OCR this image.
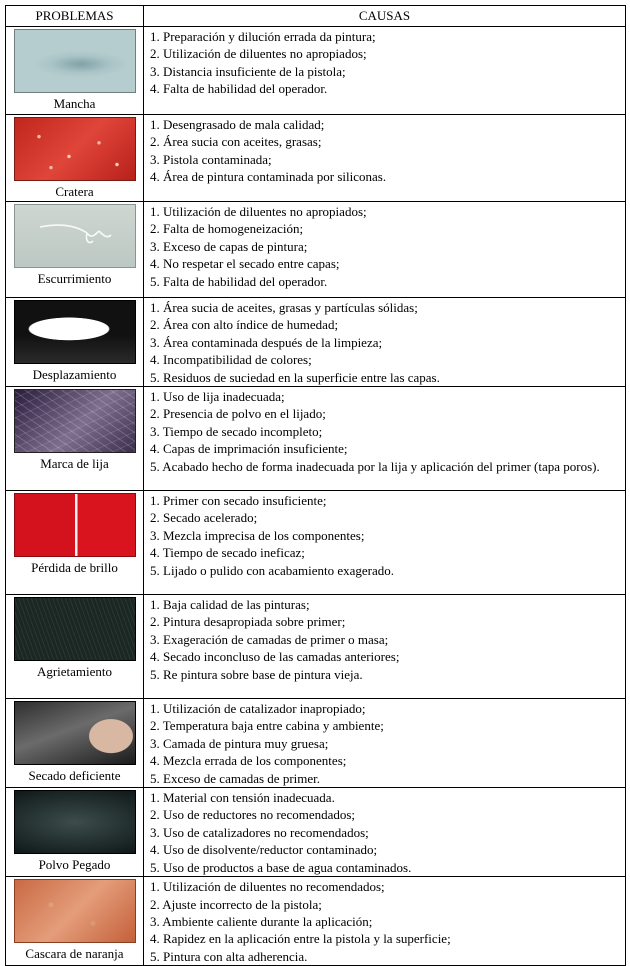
PROBLEMAS	CAUSAS

Mancha	1. Preparación y dilución errada da pintura;
2. Utilización de diluentes no apropiados;
3. Distancia insuficiente de la pistola;
4. Falta de habilidad del operador.

Cratera	1. Desengrasado de mala calidad;
2. Área sucia con aceites, grasas;
3. Pistola contaminada;
4. Área de pintura contaminada por siliconas.

Escurrimiento	1. Utilización de diluentes no apropiados;
2. Falta de homogeneización;
3. Exceso de capas de pintura;
4. No respetar el secado entre capas;
5. Falta de habilidad del operador.

Desplazamiento	1. Área sucia de aceites, grasas y partículas sólidas;
2. Área con alto índice de humedad;
3. Área contaminada después de la limpieza;
4. Incompatibilidad de colores;
5. Residuos de suciedad en la superficie entre las capas.

Marca de lija	1. Uso de lija inadecuada;
2. Presencia de polvo en el lijado;
3. Tiempo de secado incompleto;
4. Capas de imprimación insuficiente;
5. Acabado hecho de forma inadecuada por la lija y aplicación del primer (tapa poros).

Pérdida de brillo	1. Primer con secado insuficiente;
2. Secado acelerado;
3. Mezcla imprecisa de los componentes;
4. Tiempo de secado ineficaz;
5. Lijado o pulido con acabamiento exagerado.

Agrietamiento	1. Baja calidad de las pinturas;
2. Pintura desapropiada sobre primer;
3. Exageración de camadas de primer o masa;
4. Secado inconcluso de las camadas anteriores;
5. Re pintura sobre base de pintura vieja.

Secado deficiente	1. Utilización de catalizador inapropiado;
2. Temperatura baja entre cabina y ambiente;
3. Camada de pintura muy gruesa;
4. Mezcla errada de los componentes;
5. Exceso de camadas de primer.

Polvo Pegado	1. Material con tensión inadecuada.
2. Uso de reductores no recomendados;
3. Uso de catalizadores no recomendados;
4. Uso de disolvente/reductor contaminado;
5. Uso de productos a base de agua contaminados.

Cascara de naranja	1. Utilización de diluentes no recomendados;
2. Ajuste incorrecto de la pistola;
3. Ambiente caliente durante la aplicación;
4. Rapidez en la aplicación entre la pistola y la superficie;
5. Pintura con alta adherencia.
